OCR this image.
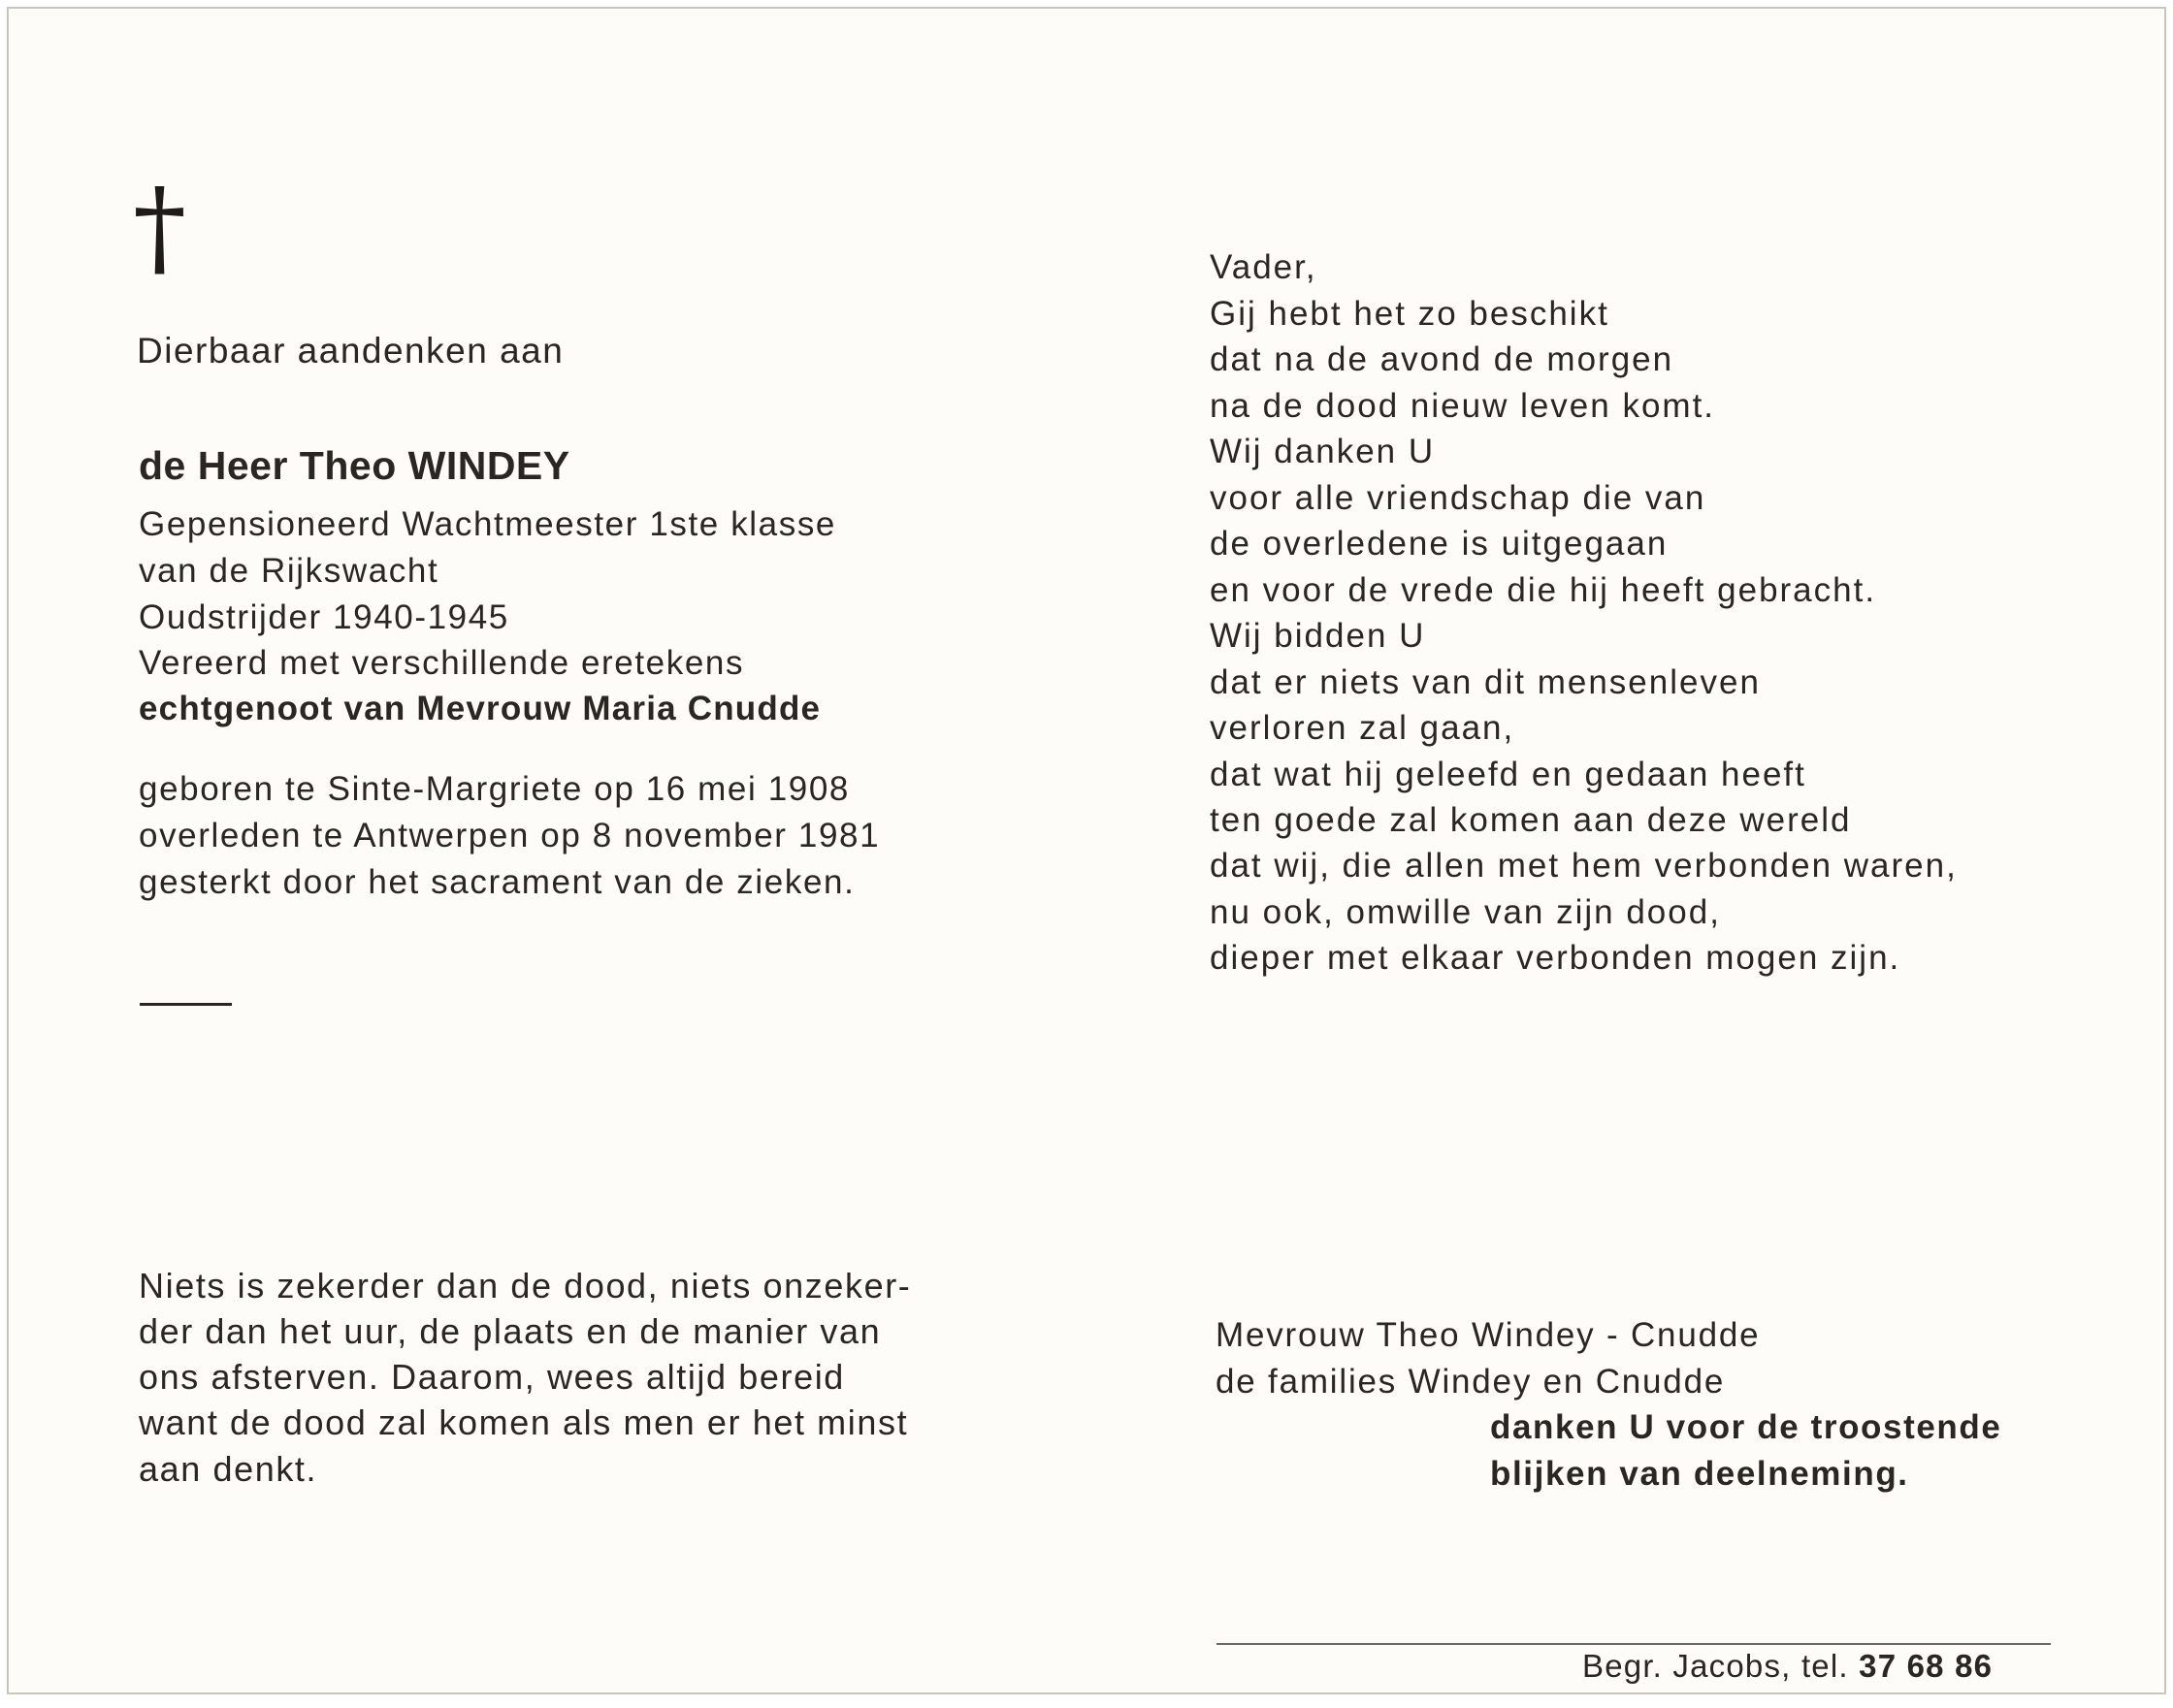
†
Dierbaar aandenken aan
de Heer Theo WINDEY
Gepensioneerd Wachtmeester 1ste klasse
van de Rijkswacht
Oudstrijder 1940-1945
Vereerd met verschillende eretekens
echtgenoot van Mevrouw Maria Cnudde
geboren te Sinte-Margriete op 16 mei 1908
overleden te Antwerpen op 8 november 1981
gesterkt door het sacrament van de zieken.
Niets is zekerder dan de dood, niets onzeker-
der dan het uur, de plaats en de manier van
ons afsterven. Daarom, wees altijd bereid
want de dood zal komen als men er het minst
aan denkt.
Vader,
Gij hebt het zo beschikt
dat na de avond de morgen
na de dood nieuw leven komt.
Wij danken U
voor alle vriendschap die van
de overledene is uitgegaan
en voor de vrede die hij heeft gebracht.
Wij bidden U
dat er niets van dit mensenleven
verloren zal gaan,
dat wat hij geleefd en gedaan heeft
ten goede zal komen aan deze wereld
dat wij, die allen met hem verbonden waren,
nu ook, omwille van zijn dood,
dieper met elkaar verbonden mogen zijn.
Mevrouw Theo Windey - Cnudde
de families Windey en Cnudde
danken U voor de troostende
blijken van deelneming.
Begr. Jacobs, tel. 37 68 86
